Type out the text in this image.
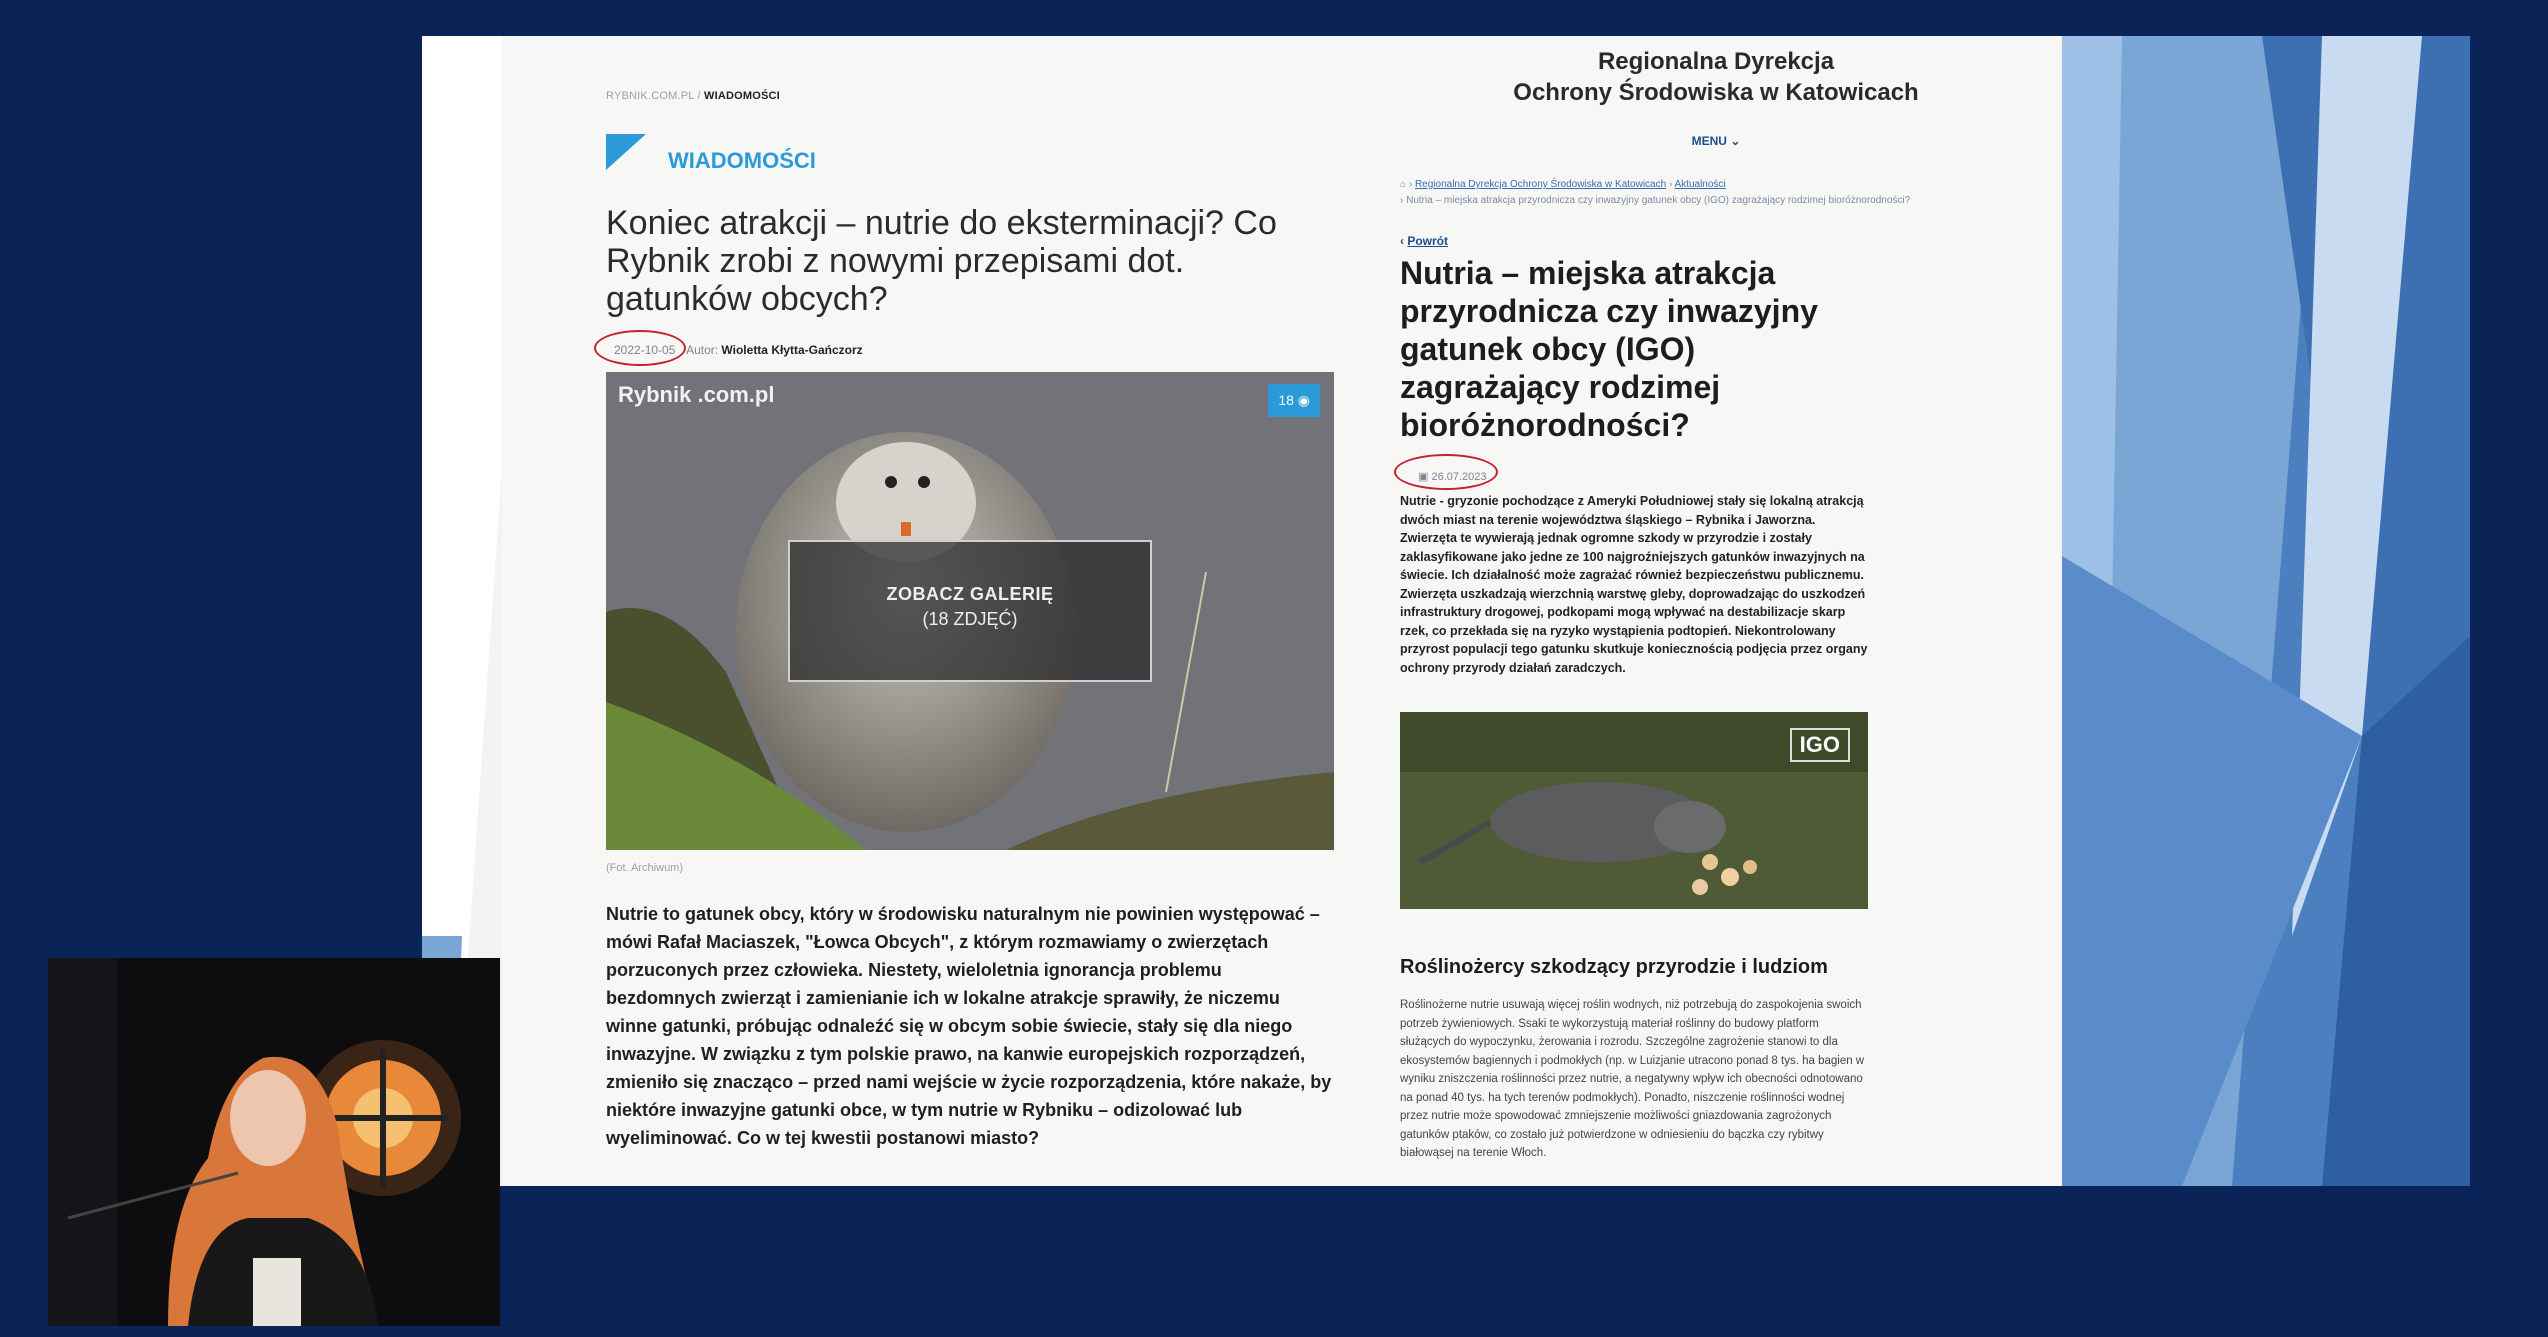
RYBNIK.COM.PL / WIADOMOŚCI
WIADOMOŚCI
Koniec atrakcji – nutrie do eksterminacji? Co Rybnik zrobi z nowymi przepisami dot. gatunków obcych?
2022-10-05 Autor: Wioletta Kłytta-Gańczorz
Rybnik .com.pl	18 ◉
ZOBACZ GALERIĘ
(18 ZDJĘĆ)
(Fot. Archiwum)

Nutrie to gatunek obcy, który w środowisku naturalnym nie powinien występować – mówi Rafał Maciaszek, "Łowca Obcych", z którym rozmawiamy o zwierzętach porzuconych przez człowieka. Niestety, wieloletnia ignorancja problemu bezdomnych zwierząt i zamienianie ich w lokalne atrakcje sprawiły, że niczemu winne gatunki, próbując odnaleźć się w obcym sobie świecie, stały się dla niego inwazyjne. W związku z tym polskie prawo, na kanwie europejskich rozporządzeń, zmieniło się znacząco – przed nami wejście w życie rozporządzenia, które nakaże, by niektóre inwazyjne gatunki obce, w tym nutrie w Rybniku – odizolować lub wyeliminować. Co w tej kwestii postanowi miasto?

Regionalna Dyrekcja
Ochrony Środowiska w Katowicach
MENU ⌄
⌂ › Regionalna Dyrekcja Ochrony Środowiska w Katowicach › Aktualności
› Nutria – miejska atrakcja przyrodnicza czy inwazyjny gatunek obcy (IGO) zagrażający rodzimej bioróżnorodności?
‹ Powrót
Nutria – miejska atrakcja przyrodnicza czy inwazyjny gatunek obcy (IGO) zagrażający rodzimej bioróżnorodności?
▣ 26.07.2023

Nutrie - gryzonie pochodzące z Ameryki Południowej stały się lokalną atrakcją dwóch miast na terenie województwa śląskiego – Rybnika i Jaworzna. Zwierzęta te wywierają jednak ogromne szkody w przyrodzie i zostały zaklasyfikowane jako jedne ze 100 najgroźniejszych gatunków inwazyjnych na świecie. Ich działalność może zagrażać również bezpieczeństwu publicznemu. Zwierzęta uszkadzają wierzchnią warstwę gleby, doprowadzając do uszkodzeń infrastruktury drogowej, podkopami mogą wpływać na destabilizacje skarp rzek, co przekłada się na ryzyko wystąpienia podtopień. Niekontrolowany przyrost populacji tego gatunku skutkuje koniecznością podjęcia przez organy ochrony przyrody działań zaradczych.

IGO
Roślinożercy szkodzący przyrodzie i ludziom

Roślinożerne nutrie usuwają więcej roślin wodnych, niż potrzebują do zaspokojenia swoich potrzeb żywieniowych. Ssaki te wykorzystują materiał roślinny do budowy platform służących do wypoczynku, żerowania i rozrodu. Szczególne zagrożenie stanowi to dla ekosystemów bagiennych i podmokłych (np. w Luizjanie utracono ponad 8 tys. ha bagien w wyniku zniszczenia roślinności przez nutrie, a negatywny wpływ ich obecności odnotowano na ponad 40 tys. ha tych terenów podmokłych). Ponadto, niszczenie roślinności wodnej przez nutrie może spowodować zmniejszenie możliwości gniazdowania zagrożonych gatunków ptaków, co zostało już potwierdzone w odniesieniu do bączka czy rybitwy białowąsej na terenie Włoch.
